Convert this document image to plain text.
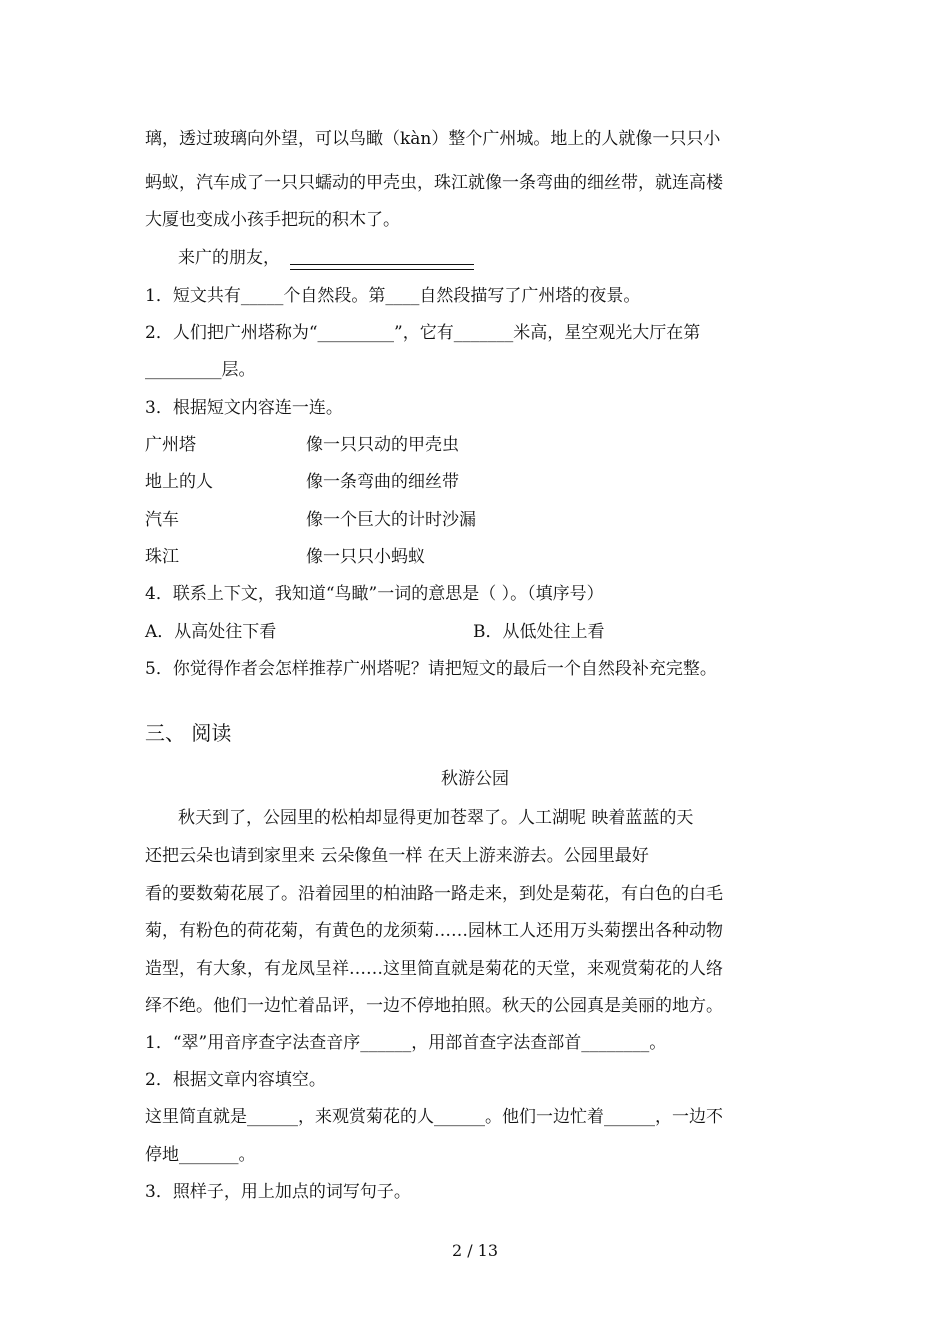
璃，透过玻璃向外望，可以鸟瞰（kàn）整个广州城。地上的人就像一只只小
蚂蚁，汽车成了一只只蠕动的甲壳虫，珠江就像一条弯曲的细丝带，就连高楼
大厦也变成小孩手把玩的积木了。
来广的朋友，
1．短文共有_____个自然段。第____自然段描写了广州塔的夜景。
2．人们把广州塔称为“_________”，它有_______米高，星空观光大厅在第
_________层。
3．根据短文内容连一连。
广州塔	像一只只动的甲壳虫
地上的人	像一条弯曲的细丝带
汽车	像一个巨大的计时沙漏
珠江	像一只只小蚂蚁
4．联系上下文，我知道“鸟瞰”一词的意思是（ ）。（填序号）
A．从高处往下看	B．从低处往上看
5．你觉得作者会怎样推荐广州塔呢？请把短文的最后一个自然段补充完整。
三、 阅读
秋游公园
秋天到了，公园里的松柏却显得更加苍翠了。人工湖呢 映着蓝蓝的天
还把云朵也请到家里来 云朵像鱼一样 在天上游来游去。公园里最好
看的要数菊花展了。沿着园里的柏油路一路走来，到处是菊花，有白色的白毛
菊，有粉色的荷花菊，有黄色的龙须菊……园林工人还用万头菊摆出各种动物
造型，有大象，有龙凤呈祥……这里简直就是菊花的天堂，来观赏菊花的人络
绎不绝。他们一边忙着品评，一边不停地拍照。秋天的公园真是美丽的地方。
1．“翠”用音序查字法查音序______，用部首查字法查部首________。
2．根据文章内容填空。
这里简直就是______，来观赏菊花的人______。他们一边忙着______，一边不
停地_______。
3．照样子，用上加点的词写句子。
2 / 13
